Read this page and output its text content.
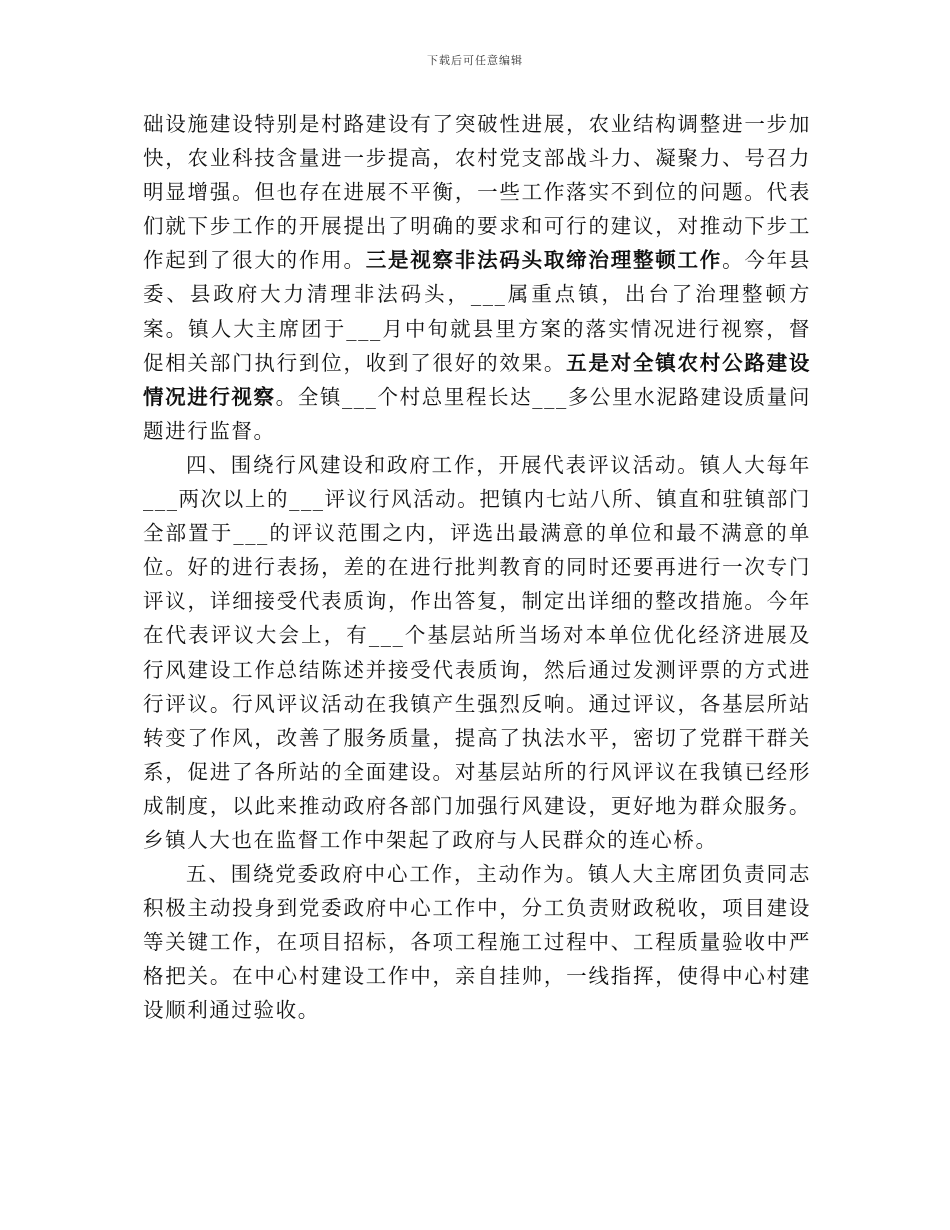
下载后可任意编辑

础设施建设特别是村路建设有了突破性进展，农业结构调整进一步加快，农业科技含量进一步提高，农村党支部战斗力、凝聚力、号召力明显增强。但也存在进展不平衡，一些工作落实不到位的问题。代表们就下步工作的开展提出了明确的要求和可行的建议，对推动下步工作起到了很大的作用。三是视察非法码头取缔治理整顿工作。今年县委、县政府大力清理非法码头，___属重点镇，出台了治理整顿方案。镇人大主席团于___月中旬就县里方案的落实情况进行视察，督促相关部门执行到位，收到了很好的效果。五是对全镇农村公路建设情况进行视察。全镇___个村总里程长达___多公里水泥路建设质量问题进行监督。

四、围绕行风建设和政府工作，开展代表评议活动。镇人大每年___两次以上的___评议行风活动。把镇内七站八所、镇直和驻镇部门全部置于___的评议范围之内，评选出最满意的单位和最不满意的单位。好的进行表扬，差的在进行批判教育的同时还要再进行一次专门评议，详细接受代表质询，作出答复，制定出详细的整改措施。今年在代表评议大会上，有___个基层站所当场对本单位优化经济进展及行风建设工作总结陈述并接受代表质询，然后通过发测评票的方式进行评议。行风评议活动在我镇产生强烈反响。通过评议，各基层所站转变了作风，改善了服务质量，提高了执法水平，密切了党群干群关系，促进了各所站的全面建设。对基层站所的行风评议在我镇已经形成制度，以此来推动政府各部门加强行风建设，更好地为群众服务。乡镇人大也在监督工作中架起了政府与人民群众的连心桥。

五、围绕党委政府中心工作，主动作为。镇人大主席团负责同志积极主动投身到党委政府中心工作中，分工负责财政税收，项目建设等关键工作，在项目招标，各项工程施工过程中、工程质量验收中严格把关。在中心村建设工作中，亲自挂帅，一线指挥，使得中心村建设顺利通过验收。
